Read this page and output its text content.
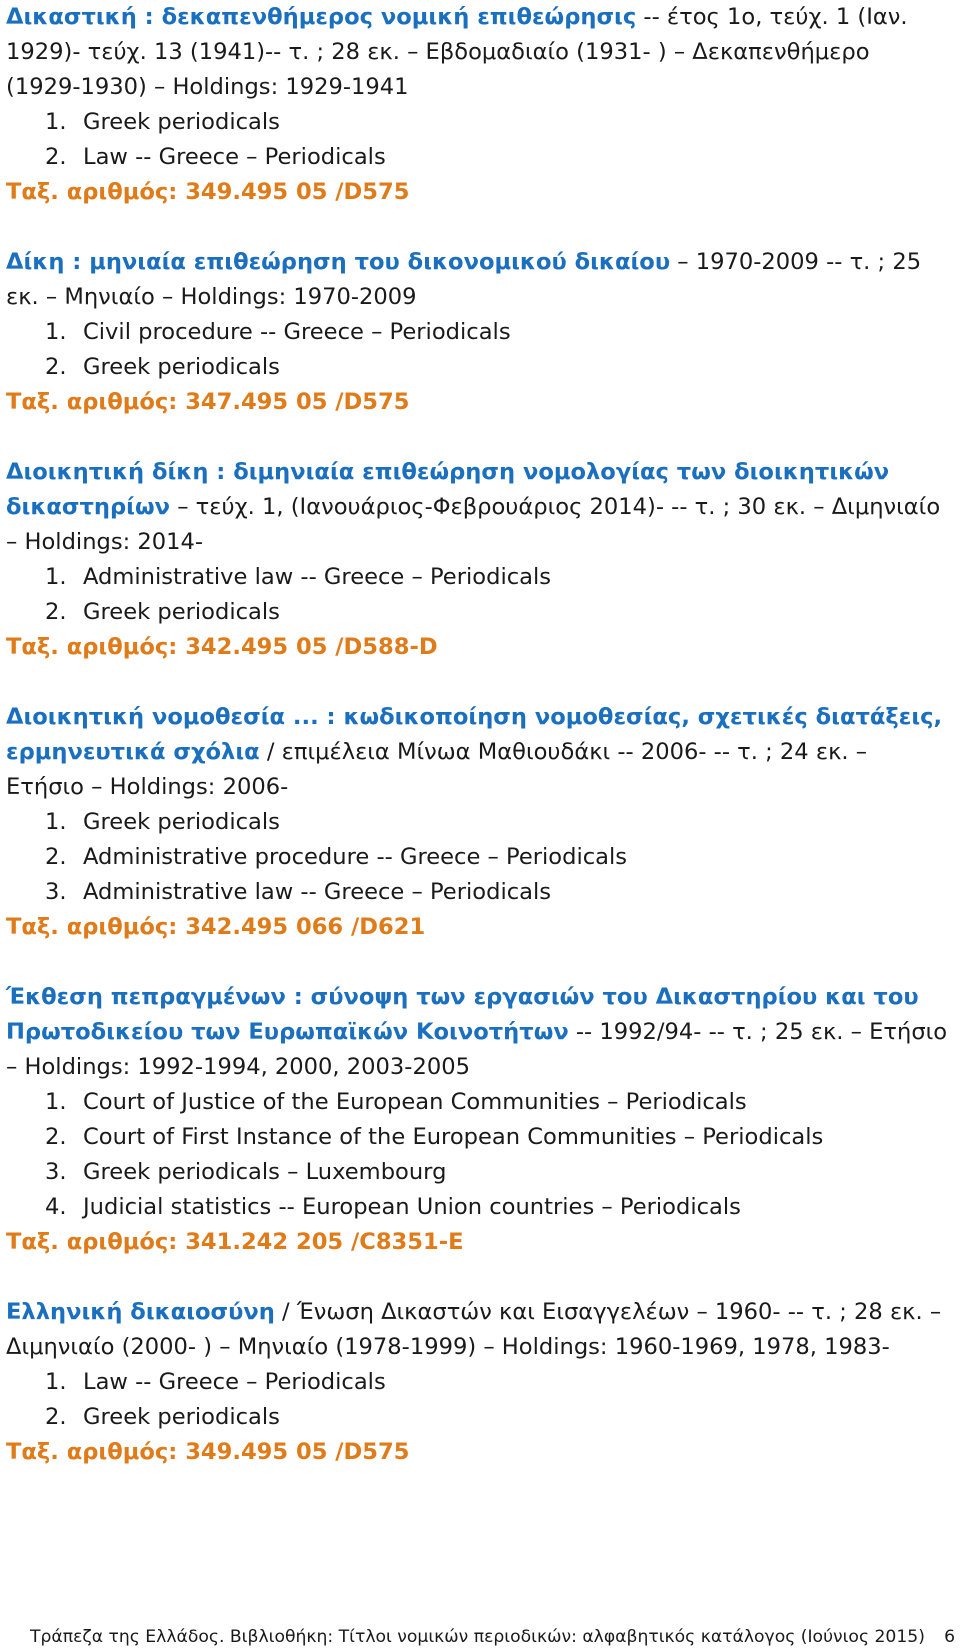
Δικαστική : δεκαπενθήμερος νομική επιθεώρησις -- έτος 1ο, τεύχ. 1 (Ιαν. 1929)- τεύχ. 13 (1941)-- τ. ; 28 εκ. – Εβδομαδιαίο (1931- ) – Δεκαπενθήμερο (1929-1930) – Holdings: 1929-1941
1. Greek periodicals
2. Law -- Greece – Periodicals
Ταξ. αριθμός: 349.495 05 /D575
Δίκη : μηνιαία επιθεώρηση του δικονομικού δικαίου – 1970-2009 -- τ. ; 25 εκ. – Μηνιαίο – Holdings: 1970-2009
1. Civil procedure -- Greece – Periodicals
2. Greek periodicals
Ταξ. αριθμός: 347.495 05 /D575
Διοικητική δίκη : διμηνιαία επιθεώρηση νομολογίας των διοικητικών δικαστηρίων – τεύχ. 1, (Ιανουάριος-Φεβρουάριος 2014)- -- τ. ; 30 εκ. – Διμηνιαίο – Holdings: 2014-
1. Administrative law -- Greece – Periodicals
2. Greek periodicals
Ταξ. αριθμός: 342.495 05 /D588-D
Διοικητική νομοθεσία ... : κωδικοποίηση νομοθεσίας, σχετικές διατάξεις, ερμηνευτικά σχόλια / επιμέλεια Μίνωα Μαθιουδάκι -- 2006- -- τ. ; 24 εκ. – Ετήσιο – Holdings: 2006-
1. Greek periodicals
2. Administrative procedure -- Greece – Periodicals
3. Administrative law -- Greece – Periodicals
Ταξ. αριθμός: 342.495 066 /D621
Έκθεση πεπραγμένων : σύνοψη των εργασιών του Δικαστηρίου και του Πρωτοδικείου των Ευρωπαϊκών Κοινοτήτων -- 1992/94- -- τ. ; 25 εκ. – Ετήσιο – Holdings: 1992-1994, 2000, 2003-2005
1. Court of Justice of the European Communities – Periodicals
2. Court of First Instance of the European Communities – Periodicals
3. Greek periodicals – Luxembourg
4. Judicial statistics -- European Union countries – Periodicals
Ταξ. αριθμός: 341.242 205 /C8351-E
Ελληνική δικαιοσύνη / Ένωση Δικαστών και Εισαγγελέων – 1960- -- τ. ; 28 εκ. – Διμηνιαίο (2000- ) – Μηνιαίο (1978-1999) – Holdings: 1960-1969, 1978, 1983-
1. Law -- Greece – Periodicals
2. Greek periodicals
Ταξ. αριθμός: 349.495 05 /D575
Τράπεζα της Ελλάδος. Βιβλιοθήκη: Τίτλοι νομικών περιοδικών: αλφαβητικός κατάλογος (Ιούνιος 2015) 6
